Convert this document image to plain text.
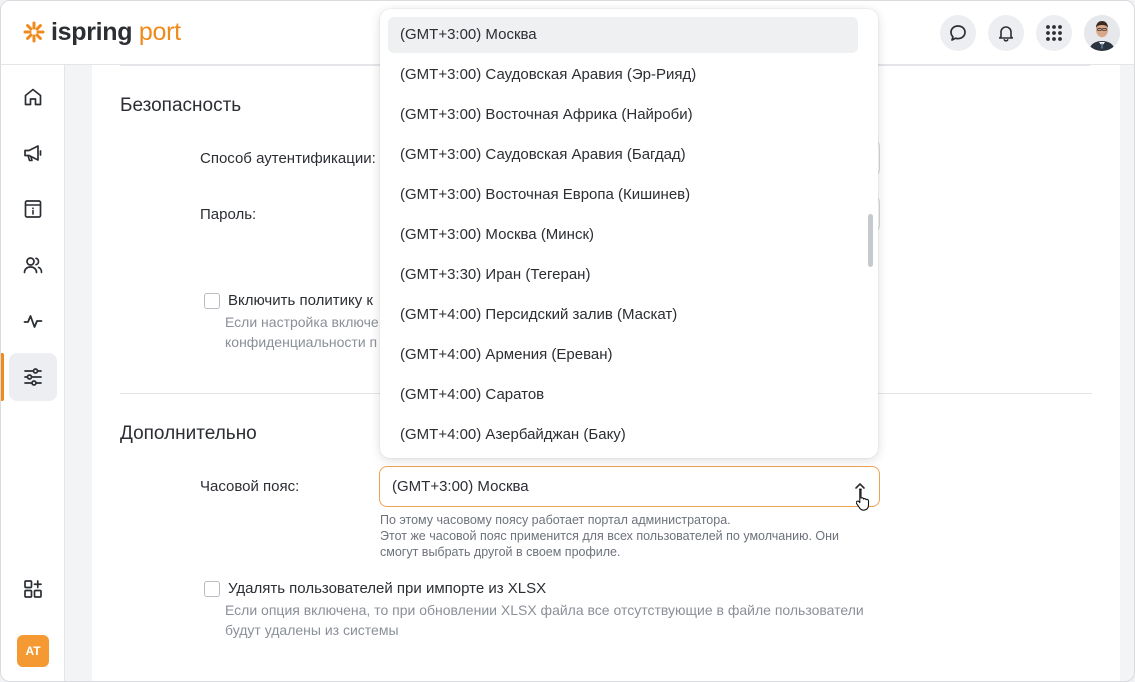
ispring port
AT
Безопасность
Способ аутентификации:
Пароль:
Включить политику к
Если настройка включе
конфиденциальности п
Дополнительно
Часовой пояс:	(GMT+3:00) Москва
По этому часовому поясу работает портал администратора.
Этот же часовой пояс применится для всех пользователей по умолчанию. Они
смогут выбрать другой в своем профиле.
Удалять пользователей при импорте из XLSX
Если опция включена, то при обновлении XLSX файла все отсутствующие в файле пользователи
будут удалены из системы
(GMT+3:00) Москва
(GMT+3:00) Саудовская Аравия (Эр-Рияд)
(GMT+3:00) Восточная Африка (Найроби)
(GMT+3:00) Саудовская Аравия (Багдад)
(GMT+3:00) Восточная Европа (Кишинев)
(GMT+3:00) Москва (Минск)
(GMT+3:30) Иран (Тегеран)
(GMT+4:00) Персидский залив (Маскат)
(GMT+4:00) Армения (Ереван)
(GMT+4:00) Саратов
(GMT+4:00) Азербайджан (Баку)
